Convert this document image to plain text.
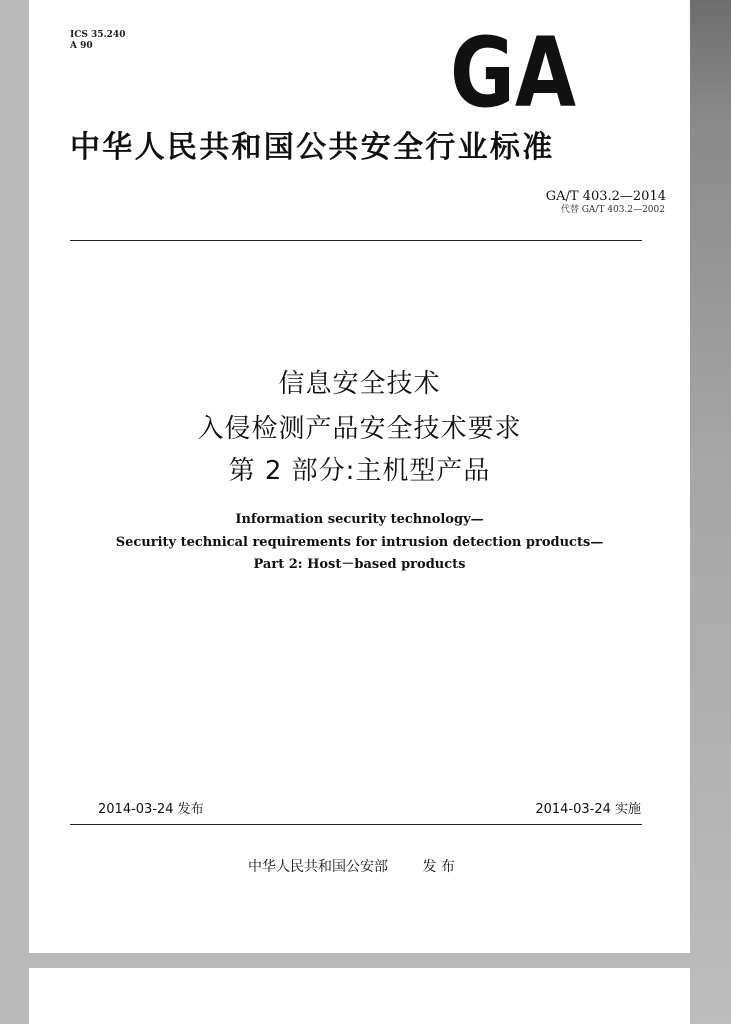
ICS 35.240
A 90	GA
中华人民共和国公共安全行业标准
GA/T 403.2—2014
代替 GA/T 403.2—2002
信息安全技术
入侵检测产品安全技术要求
第 2 部分:主机型产品
Information security technology—
Security technical requirements for intrusion detection products—
Part 2: Host－based products
2014-03-24 发布	2014-03-24 实施
中华人民共和国公安部 发 布
